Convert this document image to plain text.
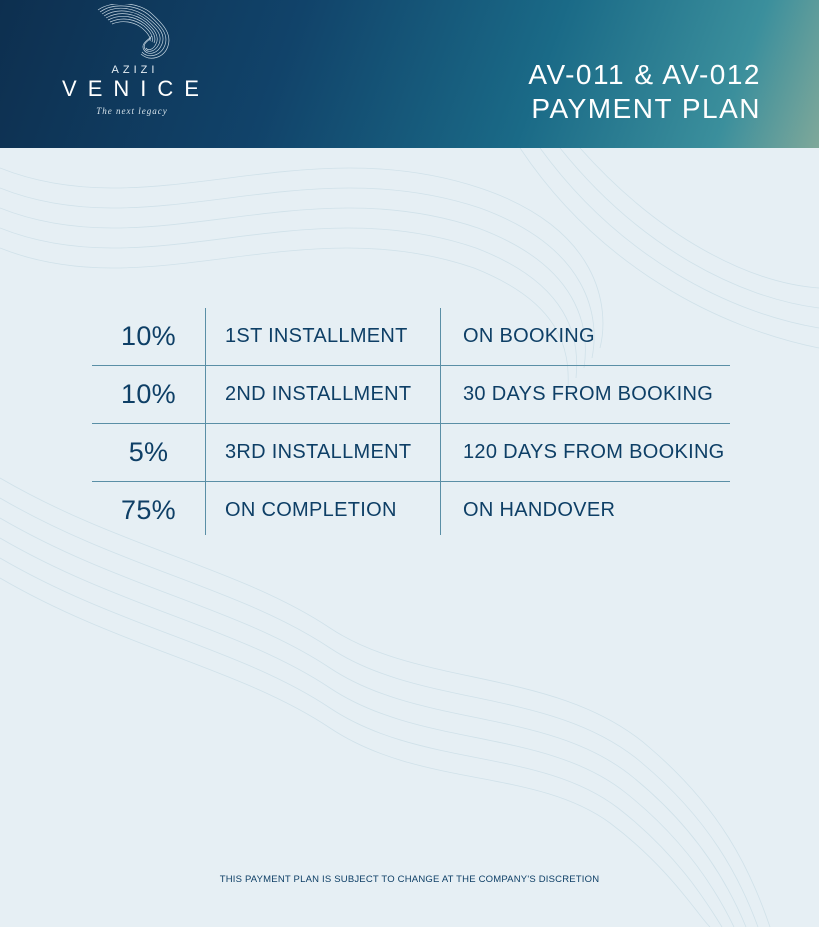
AZIZI
VENICE
The next legacy
AV-011 & AV-012
PAYMENT PLAN
10%	1ST INSTALLMENT	ON BOOKING
10%	2ND INSTALLMENT	30 DAYS FROM BOOKING
5%	3RD INSTALLMENT	120 DAYS FROM BOOKING
75%	ON COMPLETION	ON HANDOVER
THIS PAYMENT PLAN IS SUBJECT TO CHANGE AT THE COMPANY'S DISCRETION
